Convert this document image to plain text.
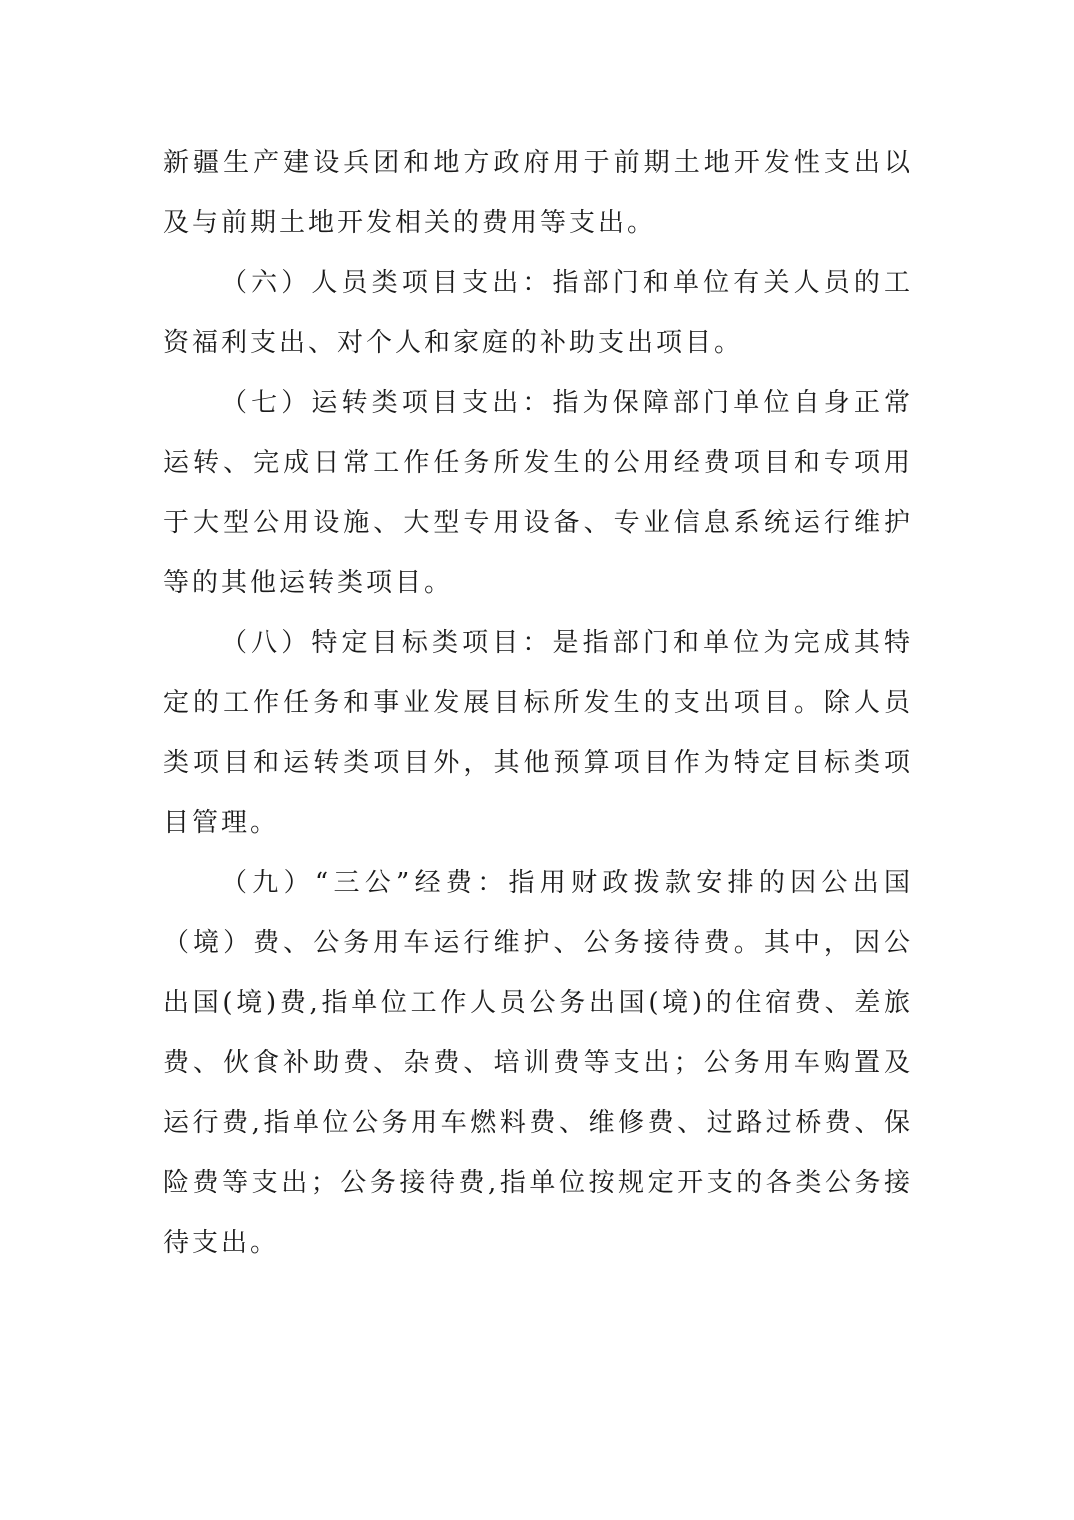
新疆生产建设兵团和地方政府用于前期土地开发性支出以及与前期土地开发相关的费用等支出。

（六）人员类项目支出：指部门和单位有关人员的工资福利支出、对个人和家庭的补助支出项目。

（七）运转类项目支出：指为保障部门单位自身正常运转、完成日常工作任务所发生的公用经费项目和专项用于大型公用设施、大型专用设备、专业信息系统运行维护等的其他运转类项目。

（八）特定目标类项目：是指部门和单位为完成其特定的工作任务和事业发展目标所发生的支出项目。除人员类项目和运转类项目外，其他预算项目作为特定目标类项目管理。

（九）“三公”经费：指用财政拨款安排的因公出国（境）费、公务用车运行维护、公务接待费。其中，因公出国(境)费,指单位工作人员公务出国(境)的住宿费、差旅费、伙食补助费、杂费、培训费等支出；公务用车购置及运行费,指单位公务用车燃料费、维修费、过路过桥费、保险费等支出；公务接待费,指单位按规定开支的各类公务接待支出。
